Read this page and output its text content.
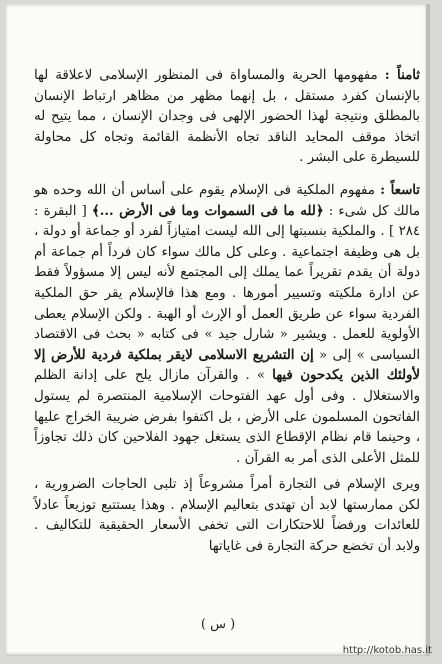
ثامناً : مفهومها الحرية والمساواة فى المنظور الإسلامى لاعلاقة لها بالإنسان كفرد مستقل ، بل إنهما مظهر من مظاهر ارتباط الإنسان بالمطلق ونتيجة لهذا الحضور الإلهى فى وجدان الإنسان ، مما يتيح له اتخاذ موقف المحايد الناقد تجاه الأنظمة القائمة وتجاه كل محاولة للسيطرة على البشر .

تاسعاً : مفهوم الملكية فى الإسلام يقوم على أساس أن الله وحده هو مالك كل شىء : ﴿لله ما فى السموات وما فى الأرض ...﴾ [ البقرة : ٢٨٤ ] . والملكية بنسبتها إلى الله ليست امتيازاً لفرد أو جماعة أو دولة ، بل هى وظيفة اجتماعية . وعلى كل مالك سواء كان فرداً أم جماعة أم دولة أن يقدم تقريراً عما يملك إلى المجتمع لأنه ليس إلا مسؤولاً فقط عن ادارة ملكيته وتسيير أمورها . ومع هذا فالإسلام يقر حق الملكية الفردية سواء عن طريق العمل أو الإرث أو الهبة . ولكن الإسلام يعطى الأولوية للعمل . ويشير « شارل جيد » فى كتابه « بحث فى الاقتصاد السياسى » إلى « إن التشريع الاسلامى لايقر بملكية فردية للأرض إلا لأولئك الذين يكدحون فيها » . والقرآن مازال يلح على إدانة الظلم والاستغلال . وفى أول عهد الفتوحات الإسلامية المنتصرة لم يستول الفاتحون المسلمون على الأرض ، بل اكتفوا بفرض ضريبة الخراج عليها ، وحينما قام نظام الإقطاع الذى يستغل جهود الفلاحين كان ذلك تجاوزاً للمثل الأعلى الذى أمر به القرآن .

ويرى الإسلام فى التجارة أمراً مشروعاً إذ تلبى الحاجات الضرورية ، لكن ممارستها لابد أن تهتدى بتعاليم الإسلام . وهذا يستتبع توزيعاً عادلاً للعائدات ورفضاً للاحتكارات التى تخفى الأسعار الحقيقية للتكاليف . ولابد أن تخضع حركة التجارة فى غاياتها

( س )
http://kotob.has.it
